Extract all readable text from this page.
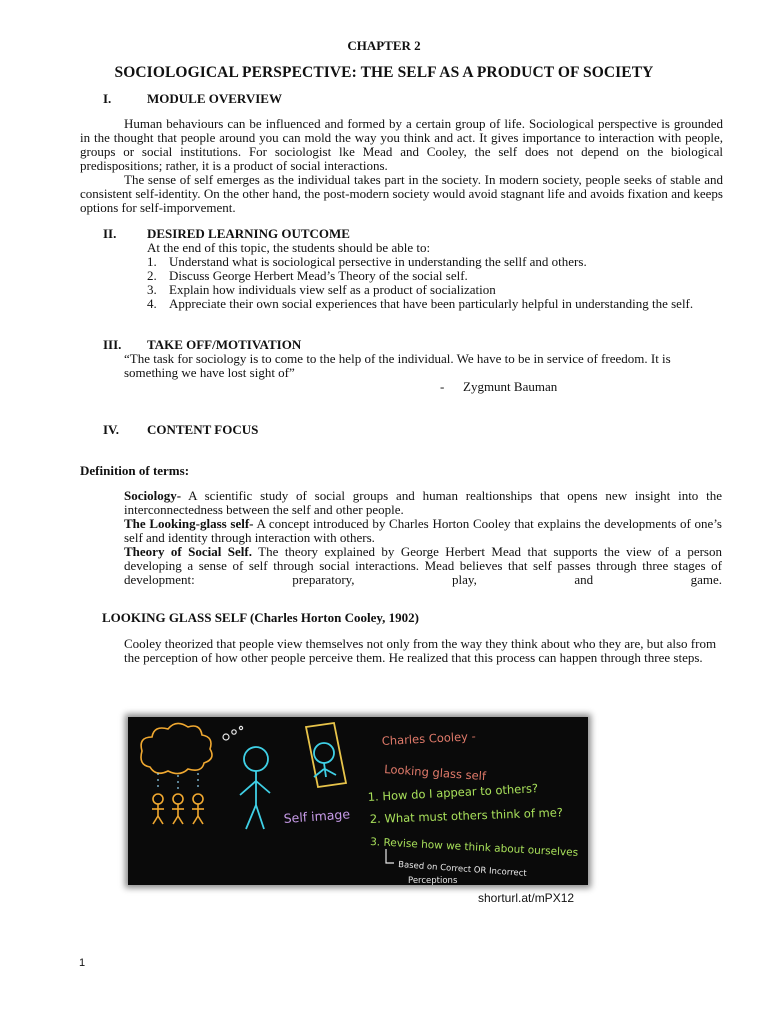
CHAPTER 2
SOCIOLOGICAL PERSPECTIVE: THE SELF AS A PRODUCT OF SOCIETY
I.	MODULE OVERVIEW

Human behaviours can be influenced and formed by a certain group of life. Sociological perspective is grounded in the thought that people around you can mold the way you think and act. It gives importance to interaction with people, groups or social institutions. For sociologist lke Mead and Cooley, the self does not depend on the biological predispositions; rather, it is a product of social interactions.

The sense of self emerges as the individual takes part in the society. In modern society, people seeks of stable and consistent self-identity. On the other hand, the post-modern society would avoid stagnant life and avoids fixation and keeps options for self-imporvement.

II. DESIRED LEARNING OUTCOME
At the end of this topic, the students should be able to:
1. Understand what is sociological persective in understanding the sellf and others.
2. Discuss George Herbert Mead’s Theory of the social self.
3. Explain how individuals view self as a product of socialization
4. Appreciate their own social experiences that have been particularly helpful in understanding the self.
III. TAKE OFF/MOTIVATION
“The task for sociology is to come to the help of the individual. We have to be in service of freedom. It is something we have lost sight of”
- Zygmunt Bauman
IV. CONTENT FOCUS
Definition of terms:

Sociology- A scientific study of social groups and human realtionships that opens new insight into the interconnectedness between the self and other people.

The Looking-glass self- A concept introduced by Charles Horton Cooley that explains the developments of one’s self and identity through interaction with others.

Theory of Social Self. The theory explained by George Herbert Mead that supports the view of a person developing a sense of self through social interactions. Mead believes that self passes through three stages of development: preparatory, play, and game.

LOOKING GLASS SELF (Charles Horton Cooley, 1902)
Cooley theorized that people view themselves not only from the way they think about who they are, but also from the perception of how other people perceive them. He realized that this process can happen through three steps.
Self image
Charles Cooley -
Looking glass self
1. How do I appear to others?
2. What must others think of me?
3. Revise how we think about ourselves
Based on Correct OR Incorrect
Perceptions
shorturl.at/mPX12
1
